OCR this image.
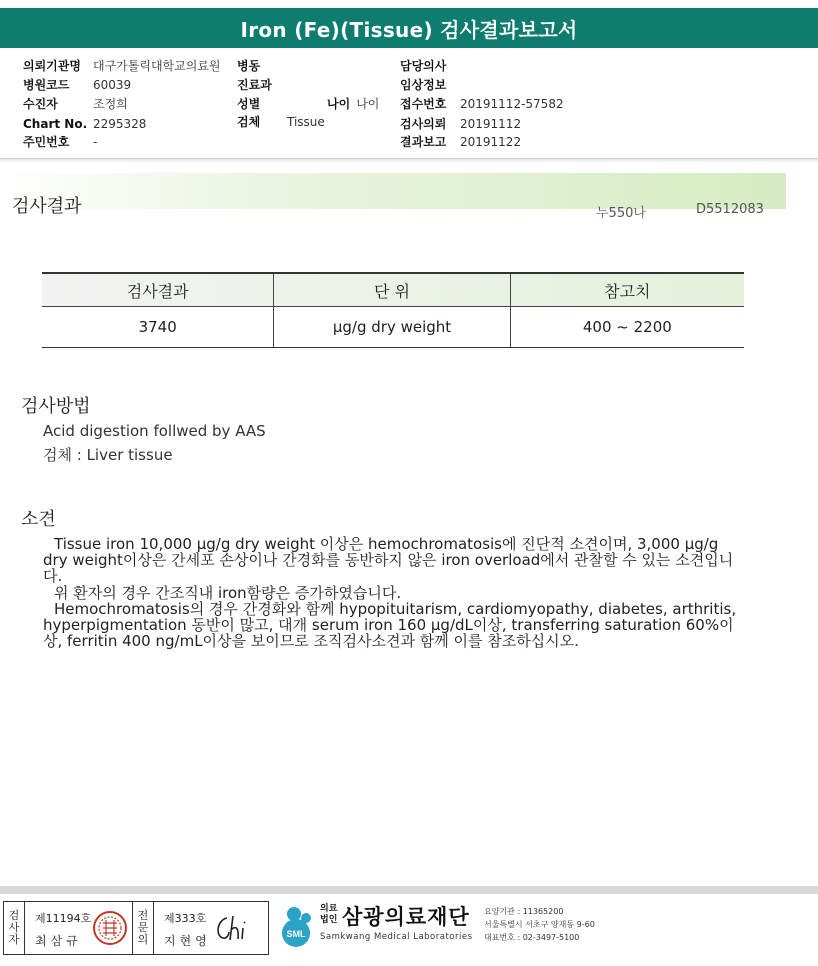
Iron (Fe)(Tissue) 검사결과보고서
의뢰기관명 대구가톨릭대학교의료원
병원코드 60039
수진자	조정희
Chart No. 2295328
주민번호 -
병동
진료과
성별	나이 나이
검체 Tissue
담당의사
임상정보
접수번호 20191112-57582
검사의뢰 20191112
결과보고 20191122
검사결과	누550나	D5512083
검사결과	단 위	참고치
3740	μg/g dry weight	400 ~ 2200
검사방법
Acid digestion follwed by AAS
검체 : Liver tissue
소견

Tissue iron 10,000 μg/g dry weight 이상은 hemochromatosis에 진단적 소견이며, 3,000 μg/g dry weight이상은 간세포 손상이나 간경화를 동반하지 않은 iron overload에서 관찰할 수 있는 소견입니다.

위 환자의 경우 간조직내 iron함량은 증가하였습니다.

Hemochromatosis의 경우 간경화와 함께 hypopituitarism, cardiomyopathy, diabetes, arthritis, hyperpigmentation 동반이 많고, 대개 serum iron 160 μg/dL이상, transferring saturation 60%이상, ferritin 400 ng/mL이상을 보이므로 조직검사소견과 함께 이를 참조하십시오.

검
사
자
제11194호
최삼규
전
문
의
제333호
지현영	SML
의료
법인 삼광의료재단
Samkwang Medical Laboratories
요양기관 : 11365200
서울특별시 서초구 양재동 9-60
대표번호 : 02-3497-5100
